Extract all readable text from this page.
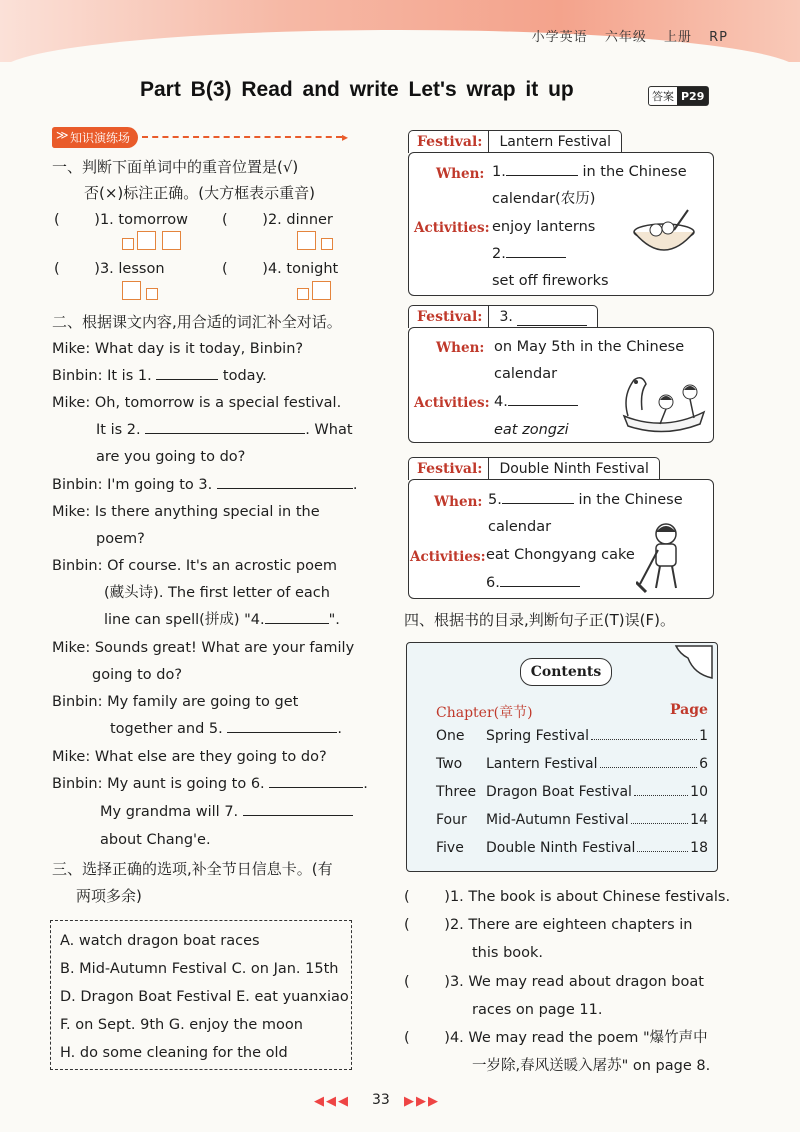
小学英语 六年级 上册 RP
Part B(3) Read and write Let's wrap it up	答案 P29
≫ 知识演练场	▸
一、判断下面单词中的重音位置是(√)
否(×)标注正确。(大方框表示重音)
( )1. tomorrow ( )2. dinner
( )3. lesson	( )4. tonight
二、根据课文内容,用合适的词汇补全对话。
Mike: What day is it today, Binbin?
Binbin: It is 1.	today.
Mike: Oh, tomorrow is a special festival.
It is 2.	. What
are you going to do?
Binbin: I'm going to 3.	.
Mike: Is there anything special in the
poem?
Binbin: Of course. It's an acrostic poem
(藏头诗). The first letter of each
line can spell(拼成) "4.	".
Mike: Sounds great! What are your family
going to do?
Binbin: My family are going to get
together and 5.	.
Mike: What else are they going to do?
Binbin: My aunt is going to 6.	.
My grandma will 7.
about Chang'e.
三、选择正确的选项,补全节日信息卡。(有
两项多余)
A. watch dragon boat races
B. Mid-Autumn Festival C. on Jan. 15th
D. Dragon Boat Festival E. eat yuanxiao
F. on Sept. 9th G. enjoy the moon
H. do some cleaning for the old
Festival:	Lantern Festival
When: 1.	in the Chinese
calendar(农历)
Activities: enjoy lanterns
2.
set off fireworks
Festival:	3.
When: on May 5th in the Chinese
calendar
Activities: 4.
eat zongzi
Festival:	Double Ninth Festival
When: 5.	in the Chinese
calendar
Activities: eat Chongyang cake
6.
四、根据书的目录,判断句子正(T)误(F)。
Contents
Chapter(章节)	Page
One Spring Festival	1
Two Lantern Festival	6
Three Dragon Boat Festival	10
Four Mid-Autumn Festival	14
Five Double Ninth Festival	18
( )1. The book is about Chinese festivals.
( )2. There are eighteen chapters in
this book.
( )3. We may read about dragon boat
races on page 11.
( )4. We may read the poem "爆竹声中
一岁除,春风送暖入屠苏" on page 8.
◀◀◀ 33 ▶▶▶
